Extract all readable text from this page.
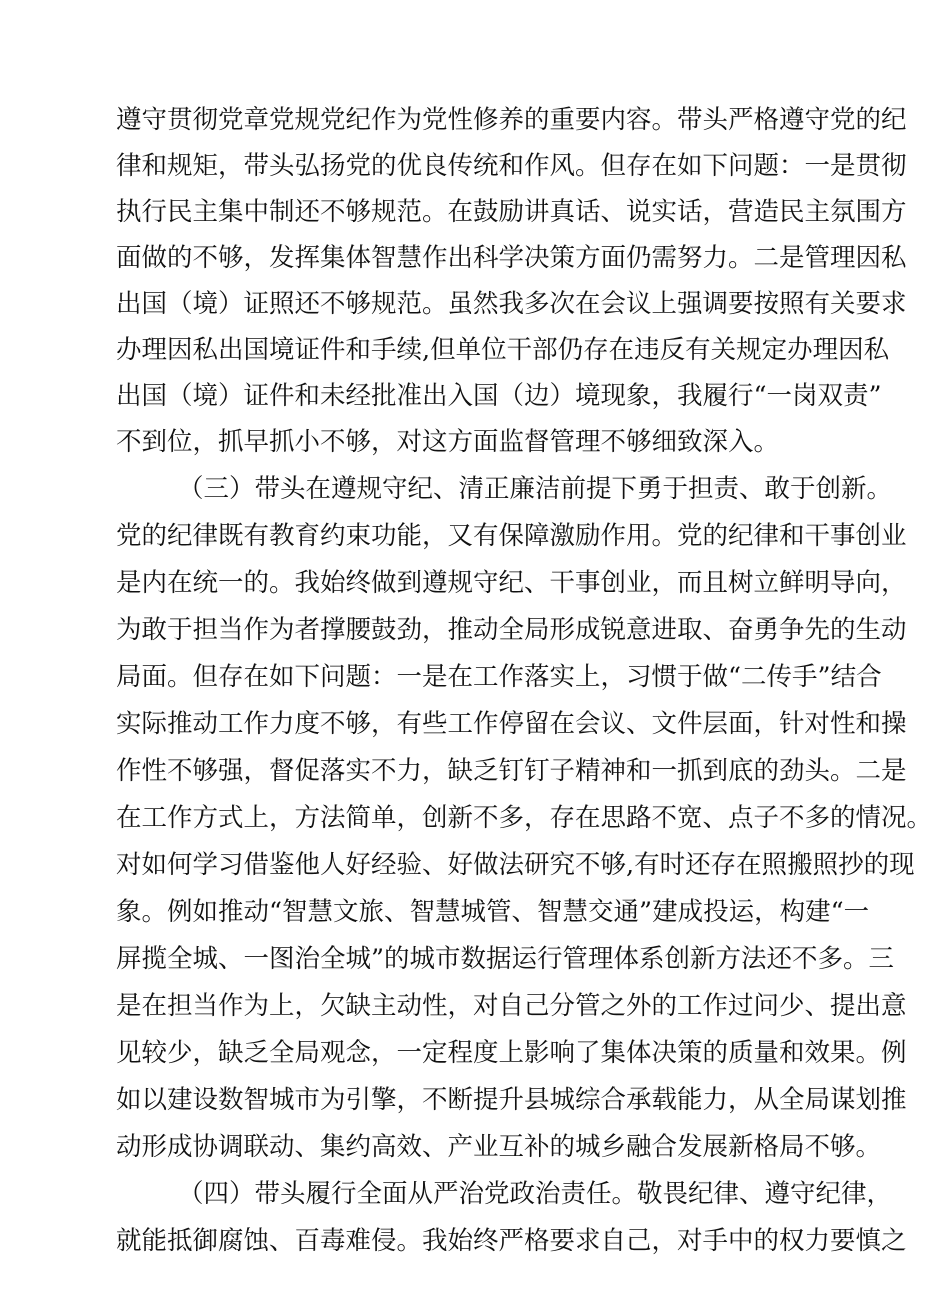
遵守贯彻党章党规党纪作为党性修养的重要内容。带头严格遵守党的纪
律和规矩，带头弘扬党的优良传统和作风。但存在如下问题：一是贯彻
执行民主集中制还不够规范。在鼓励讲真话、说实话，营造民主氛围方
面做的不够，发挥集体智慧作出科学决策方面仍需努力。二是管理因私
出国（境）证照还不够规范。虽然我多次在会议上强调要按照有关要求
办理因私出国境证件和手续,但单位干部仍存在违反有关规定办理因私
出国（境）证件和未经批准出入国（边）境现象，我履行“一岗双责”
不到位，抓早抓小不够，对这方面监督管理不够细致深入。
（三）带头在遵规守纪、清正廉洁前提下勇于担责、敢于创新。
党的纪律既有教育约束功能，又有保障激励作用。党的纪律和干事创业
是内在统一的。我始终做到遵规守纪、干事创业，而且树立鲜明导向，
为敢于担当作为者撑腰鼓劲，推动全局形成锐意进取、奋勇争先的生动
局面。但存在如下问题：一是在工作落实上，习惯于做“二传手”结合
实际推动工作力度不够，有些工作停留在会议、文件层面，针对性和操
作性不够强，督促落实不力，缺乏钉钉子精神和一抓到底的劲头。二是
在工作方式上，方法简单，创新不多，存在思路不宽、点子不多的情况。
对如何学习借鉴他人好经验、好做法研究不够,有时还存在照搬照抄的现
象。例如推动“智慧文旅、智慧城管、智慧交通”建成投运，构建“一
屏揽全城、一图治全城”的城市数据运行管理体系创新方法还不多。三
是在担当作为上，欠缺主动性，对自己分管之外的工作过问少、提出意
见较少，缺乏全局观念，一定程度上影响了集体决策的质量和效果。例
如以建设数智城市为引擎，不断提升县城综合承载能力，从全局谋划推
动形成协调联动、集约高效、产业互补的城乡融合发展新格局不够。
（四）带头履行全面从严治党政治责任。敬畏纪律、遵守纪律，
就能抵御腐蚀、百毒难侵。我始终严格要求自己，对手中的权力要慎之
